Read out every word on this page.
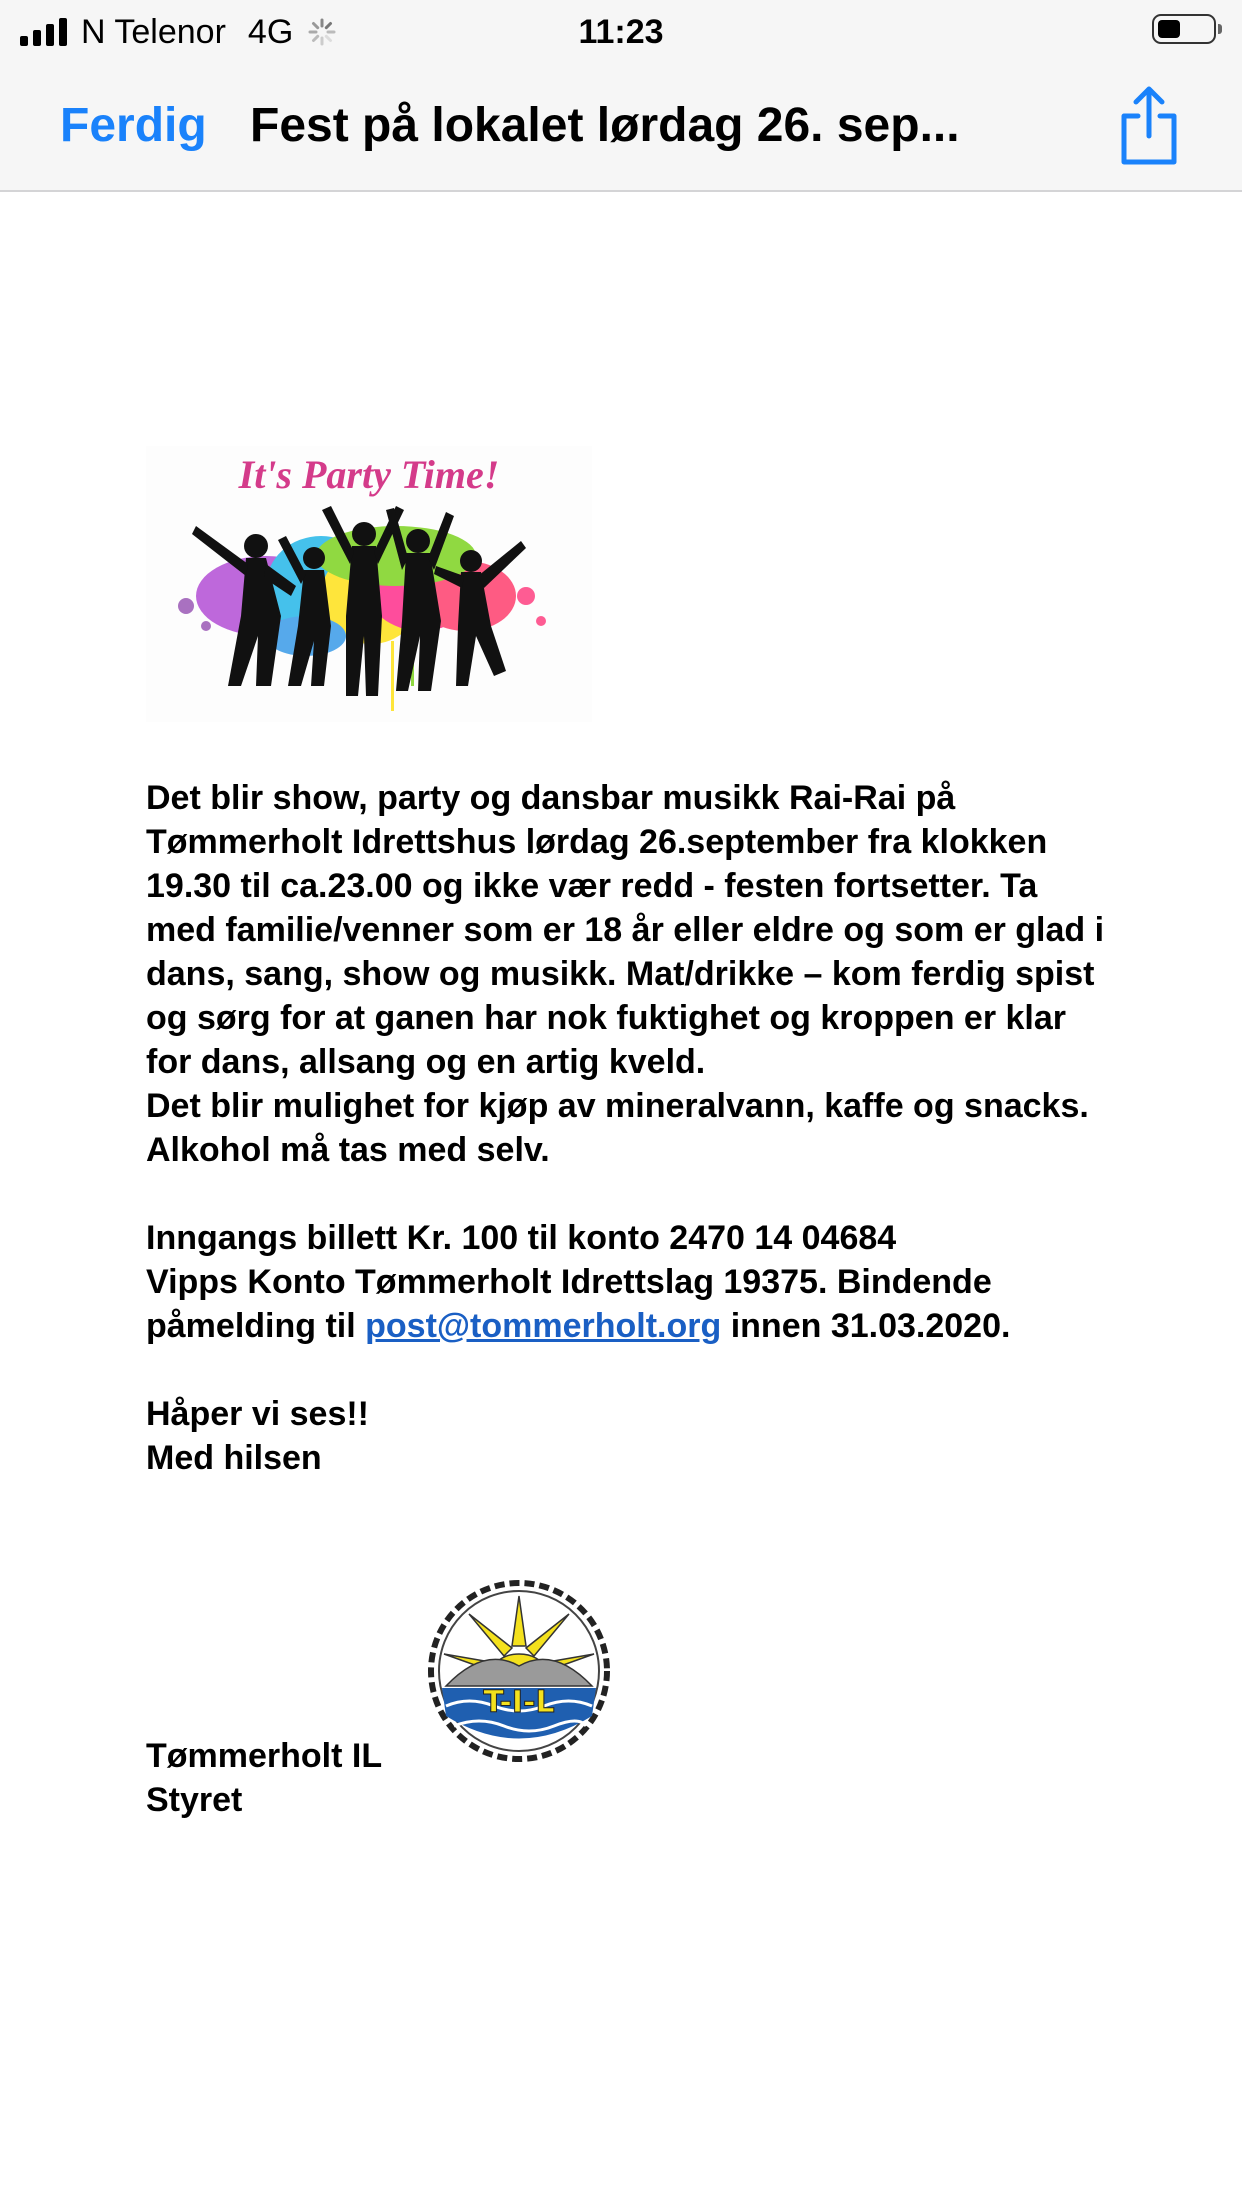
N Telenor 4G	11:23
Ferdig Fest på lokalet lørdag 26. sep...
It's Party Time!

Det blir show, party og dansbar musikk Rai-Rai på Tømmerholt Idrettshus lørdag 26.september fra klokken 19.30 til ca.23.00 og ikke vær redd - festen fortsetter. Ta med familie/venner som er 18 år eller eldre og som er glad i dans, sang, show og musikk. Mat/drikke – kom ferdig spist og sørg for at ganen har nok fuktighet og kroppen er klar for dans, allsang og en artig kveld.

Det blir mulighet for kjøp av mineralvann, kaffe og snacks. Alkohol må tas med selv.

Inngangs billett Kr. 100 til konto 2470 14 04684

Vipps Konto Tømmerholt Idrettslag 19375. Bindende påmelding til post@tommerholt.org innen 31.03.2020.

Håper vi ses!!

Med hilsen

T-I-L
Tømmerholt IL
Styret
